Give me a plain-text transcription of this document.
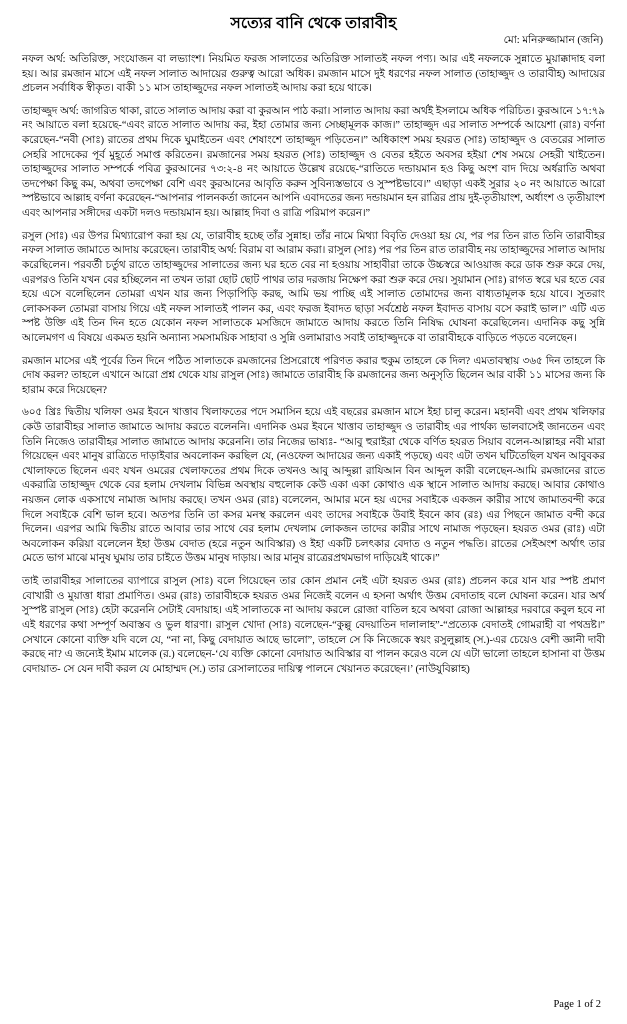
সত্যের বানি থেকে তারাবীহ
মো: মনিরুজ্জামান (জনি)

নফল অর্থ: অতিরিক্ত, সংযোজন বা লভ্যাংশ। নিয়মিত ফরজ সালাতের অতিরিক্ত সালাতই নফল পণ্য। আর এই নফলকে সুন্নাতে মুয়াক্কাদাহ বলা হয়। আর রমজান মাসে এই নফল সালাত আদায়ের গুরুত্ব আরো অধিক। রমজান মাসে দুই ধরণের নফল সালাত (তাহাজ্জুদ ও তারাবীহ) আদায়ের প্রচলন সর্বাধিক স্বীকৃত। বাকী ১১ মাস তাহাজ্জুদের নফল সালাতই আদায় করা হয়ে থাকে।

তাহাজ্জুদ অর্থ: জাগরিত থাকা, রাতে সালাত আদায় করা বা কুরআন পাঠ করা। সালাত আদায় করা অর্থই ইসলামে অধিক পরিচিত। কুরআনে ১৭:৭৯ নং আয়াতে বলা হয়েছে-“এবং রাতে সালাত আদায় কর, ইহা তোমার জন্য সেচ্ছামূলক কাজ।” তাহাজ্জুদ এর সালাত সম্পর্কে আয়েশা (রাঃ) বর্ণনা করেছেন-“নবী (সাঃ) রাতের প্রথম দিকে ঘুমাইতেন এবং শেষাংশে তাহাজ্জুদ পড়িতেন।” অধিকাংশ সময় হযরত (সাঃ) তাহাজ্জুদ ও বেতরের সালাত সেহরি সাদেকের পূর্ব মুহূর্তে সমাপ্ত করিতেন। রমজানের সময় হযরত (সাঃ) তাহাজ্জুদ ও বেতর হইতে অবসর হইয়া শেষ সময়ে সেহরী খাইতেন। তাহাজ্জুদের সালাত সম্পর্কে পবিত্র কুরআনের ৭৩:২-৪ নং আয়াতে উল্লেখ রয়েছে-“রাতিতে দন্ডায়মান হও কিছু অংশ বাদ দিয়ে অর্ধরাতি অথবা তদপেক্ষা কিছু কম, অথবা তদপেক্ষা বেশি এবং কুরআনের আবৃতি করুন সুবিন্যস্তভাবে ও সুস্পষ্টভাবে।” এছাড়া একই সুরার ২০ নং আয়াতে আরো স্পষ্টভাবে আল্লাহ বর্ণনা করেছেন-“আপনার পালনকর্তা জানেন আপনি এবাদতের জন্য দন্ডায়মান হন রাত্রির প্রায় দুই-তৃতীয়াংশ, অর্ধাংশ ও তৃতীয়াংশ এবং আপনার সঙ্গীদের একটা দলও দন্ডায়মান হয়। আল্লাহ দিবা ও রাত্রি পরিমাপ করেন।”

রসুল (সাঃ) এর উপর মিথ্যারোপ করা হয় যে, তারাবীহ হচ্ছে তাঁর সুন্নাহ। তাঁর নামে মিথ্যা বিবৃতি দেওয়া হয় যে, পর পর তিন রাত তিনি তারাবীহর নফল সালাত জামাতে আদায় করেছেন। তারাবীহ অর্থ: বিরাম বা আরাম করা। রাসুল (সাঃ) পর পর তিন রাত তারাবীহ নয় তাহাজ্জুদের সালাত আদায় করেছিলেন। পরবর্তী চর্তুথ রাতে তাহাজ্জুদের সালাতের জন্য ঘর হতে বের না হওয়ায় সাহাবীরা তাকে উচ্চস্বরে আওয়াজ করে ডাক শুরু করে দেয়, এরপরও তিনি যখন বের হচ্ছিলেন না তখন তারা ছোট ছোট পাথর তার দরজায় নিক্ষেপ করা শুরু করে দেয়। সুয়ামান (সাঃ) রাগত স্বরে ঘর হতে বের হয়ে এসে বলেছিলেন তোমরা এখন যার জন্য পিড়াপিড়ি করছ, আমি ভয় পাচ্ছি এই সালাত তোমাদের জন্য বাধ্যতামূলক হয়ে যাবে। সুতরাং লোকসকল তোমরা বাসায় গিয়ে এই নফল সালাতই পালন কর, এবং ফরজ ইবাদত ছাড়া সর্বশ্রেষ্ঠ নফল ইবাদত বাসায় বসে করাই ভাল।” এটি এত স্পষ্ট উক্তি এই তিন দিন হতে যেকোন নফল সালাতকে মসজিদে জামাতে আদায় করতে তিনি নিষিদ্ধ ঘোষনা করেছিলেন। এদানিক কছু সুন্নি আলেমগণ এ বিষয়ে একমত হয়নি অন্যান্য সমসাময়িক সাহাবা ও সুন্নি ওলামারাও সবাই তাহাজ্জুদকে বা তারাবীহকে বাড়িতে পড়তে বলেছেন।

রমজান মাসের এই পূর্বের তিন দিনে পঠিত সালাতকে রমজানের প্রিসরোধে পরিণত করার হুকুম তাহলে কে দিল? এমতাবস্থায় ৩৬৫ দিন তাহলে কি দোষ করল? তাহলে এখানে আরো প্রশ্ন থেকে যায় রাসুল (সাঃ) জামাতে তারাবীহ কি রমজানের জন্য অনুসৃতি ছিলেন আর বাকী ১১ মাসের জন্য কি হারাম করে দিয়েছেন?

৬০৫ খ্রিঃ দ্বিতীয় খলিফা ওমর ইবনে খাত্তাব খিলাফতের পদে সমাসিন হয়ে এই বছরের রমজান মাসে ইহা চালু করেন। মহানবী এবং প্রথম খলিফার কেউ তারাবীহর সালাত জামাতে আদায় করতে বলেননি। এদানিক ওমর ইবনে খাত্তাব তাহাজ্জুদ ও তারাবীহ এর পার্থক্য ভালবাসেই জানতেন এবং তিনি নিজেও তারাবীহর সালাত জামাতে আদায় করেননি। তার নিজের ভাষ্যঃ- “আবু হুরাইরা থেকে বর্ণিত হযরত সিয়াব বলেন-আল্লাহর নবী মারা গিয়েছেন এবং মানুষ রাত্রিতে দাড়াইবার অবলোকন করছিল যে, (নওফেল আদায়ের জন্য একাই পড়ছে) এবং এটা তখন ঘটিতেছিল যখন আবুবকর খোলাফতে ছিলেন এবং যখন ওমরের খেলাফতের প্রথম দিকে তখনও আবু আব্দুল্লা রাযিআন বিন আব্দুল কারী বলেছেন-আমি রমজানের রাতে একরাত্রি তাহাজ্জুদ থেকে বের হলাম দেখলাম বিভিন্ন অবস্থায় বহুলোক কেউ একা একা কোথাও এক স্থানে সালাত আদায় করছে। আবার কোথাও নয়জন লোক একসাথে নামাজ আদায় করছে। তখন ওমর (রাঃ) বলেলেন, আমার মনে হয় এদের সবাইকে একজন কারীর সাথে জামাতবন্দী করে দিলে সবাইকে বেশি ভাল হবে। অতপর তিনি তা কসর মনস্থ করলেন এবং তাদের সবাইকে উবাই ইবনে কাব (রঃ) এর পিছনে জামাত বন্দী করে দিলেন। এরপর আমি দ্বিতীয় রাতে আবার তার সাথে বের হলাম দেখলাম লোকজন তাদের কারীর সাথে নামাজ পড়ছেন। হযরত ওমর (রাঃ) এটা অবলোকন করিয়া বলেলেন ইহা উত্তম বেদাত (হরে নতুন আবিস্কার) ও ইহা একটি চলৎকার বেদাত ও নতুন পদ্ধতি। রাতের সেইঅংশ অর্থাৎ তার মেতে ভাগ মাঝে মানুষ ঘুমায় তার চাইতে উত্তম মানুষ দাড়ায়। আর মানুষ রাত্রেরপ্রথমভাগ দাড়িয়েই থাকে।”

তাই তারাবীহর সালাতের ব্যাপারে রাসুল (সাঃ) বলে গিয়েছেন তার কোন প্রমান নেই এটা হযরত ওমর (রাঃ) প্রচলন করে যান যার স্পষ্ট প্রমাণ বোখারী ও মুয়াত্তা ধারা প্রমাণিত। ওমর (রাঃ) তারাবীহকে হযরত ওমর নিজেই বলেন এ হসনা অর্থাৎ উত্তম বেদাতাহ বলে ঘোষনা করেন। যার অর্থ সুস্পষ্ট রাসুল (সাঃ) হেটা করেননি সেটাই বেদায়াহ। এই সালাতকে না আদায় করলে রোজা বাতিল হবে অথবা রোজা আল্লাহর দরবারে কবুল হবে না এই ধরণের কথা সম্পূর্ণ অবাস্তব ও ভুল ধারণা। রাসুল খোদা (সাঃ) বলেছেন-“কুল্লু বেদয়াতিন দালালাহ”-“প্রত্যেক বেদাতই গোমরাহী বা পথভ্রষ্ট।” সেখানে কোনো ব্যক্তি যদি বলে যে, “না না, কিছু বেদায়াত আছে ভালো”, তাহলে সে কি নিজেকে স্বয়ং রসুলুল্লাহ (স.)-এর চেয়েও বেশী জ্ঞানী দাবী করছে না? এ জন্যেই ইমাম মালেক (র.) বলেছেন-‘যে ব্যক্তি কোনো বেদায়াত আবিস্কার বা পালন করেও বলে যে এটা ভালো তাহলে হাসানা বা উত্তম বেদায়াত- সে যেন দাবী করল যে মোহাম্মদ (স.) তার রেসালাতের দায়িত্ব পালনে খেয়ানত করেছেন।’ (নাউযুবিল্লাহ)

Page 1 of 2
